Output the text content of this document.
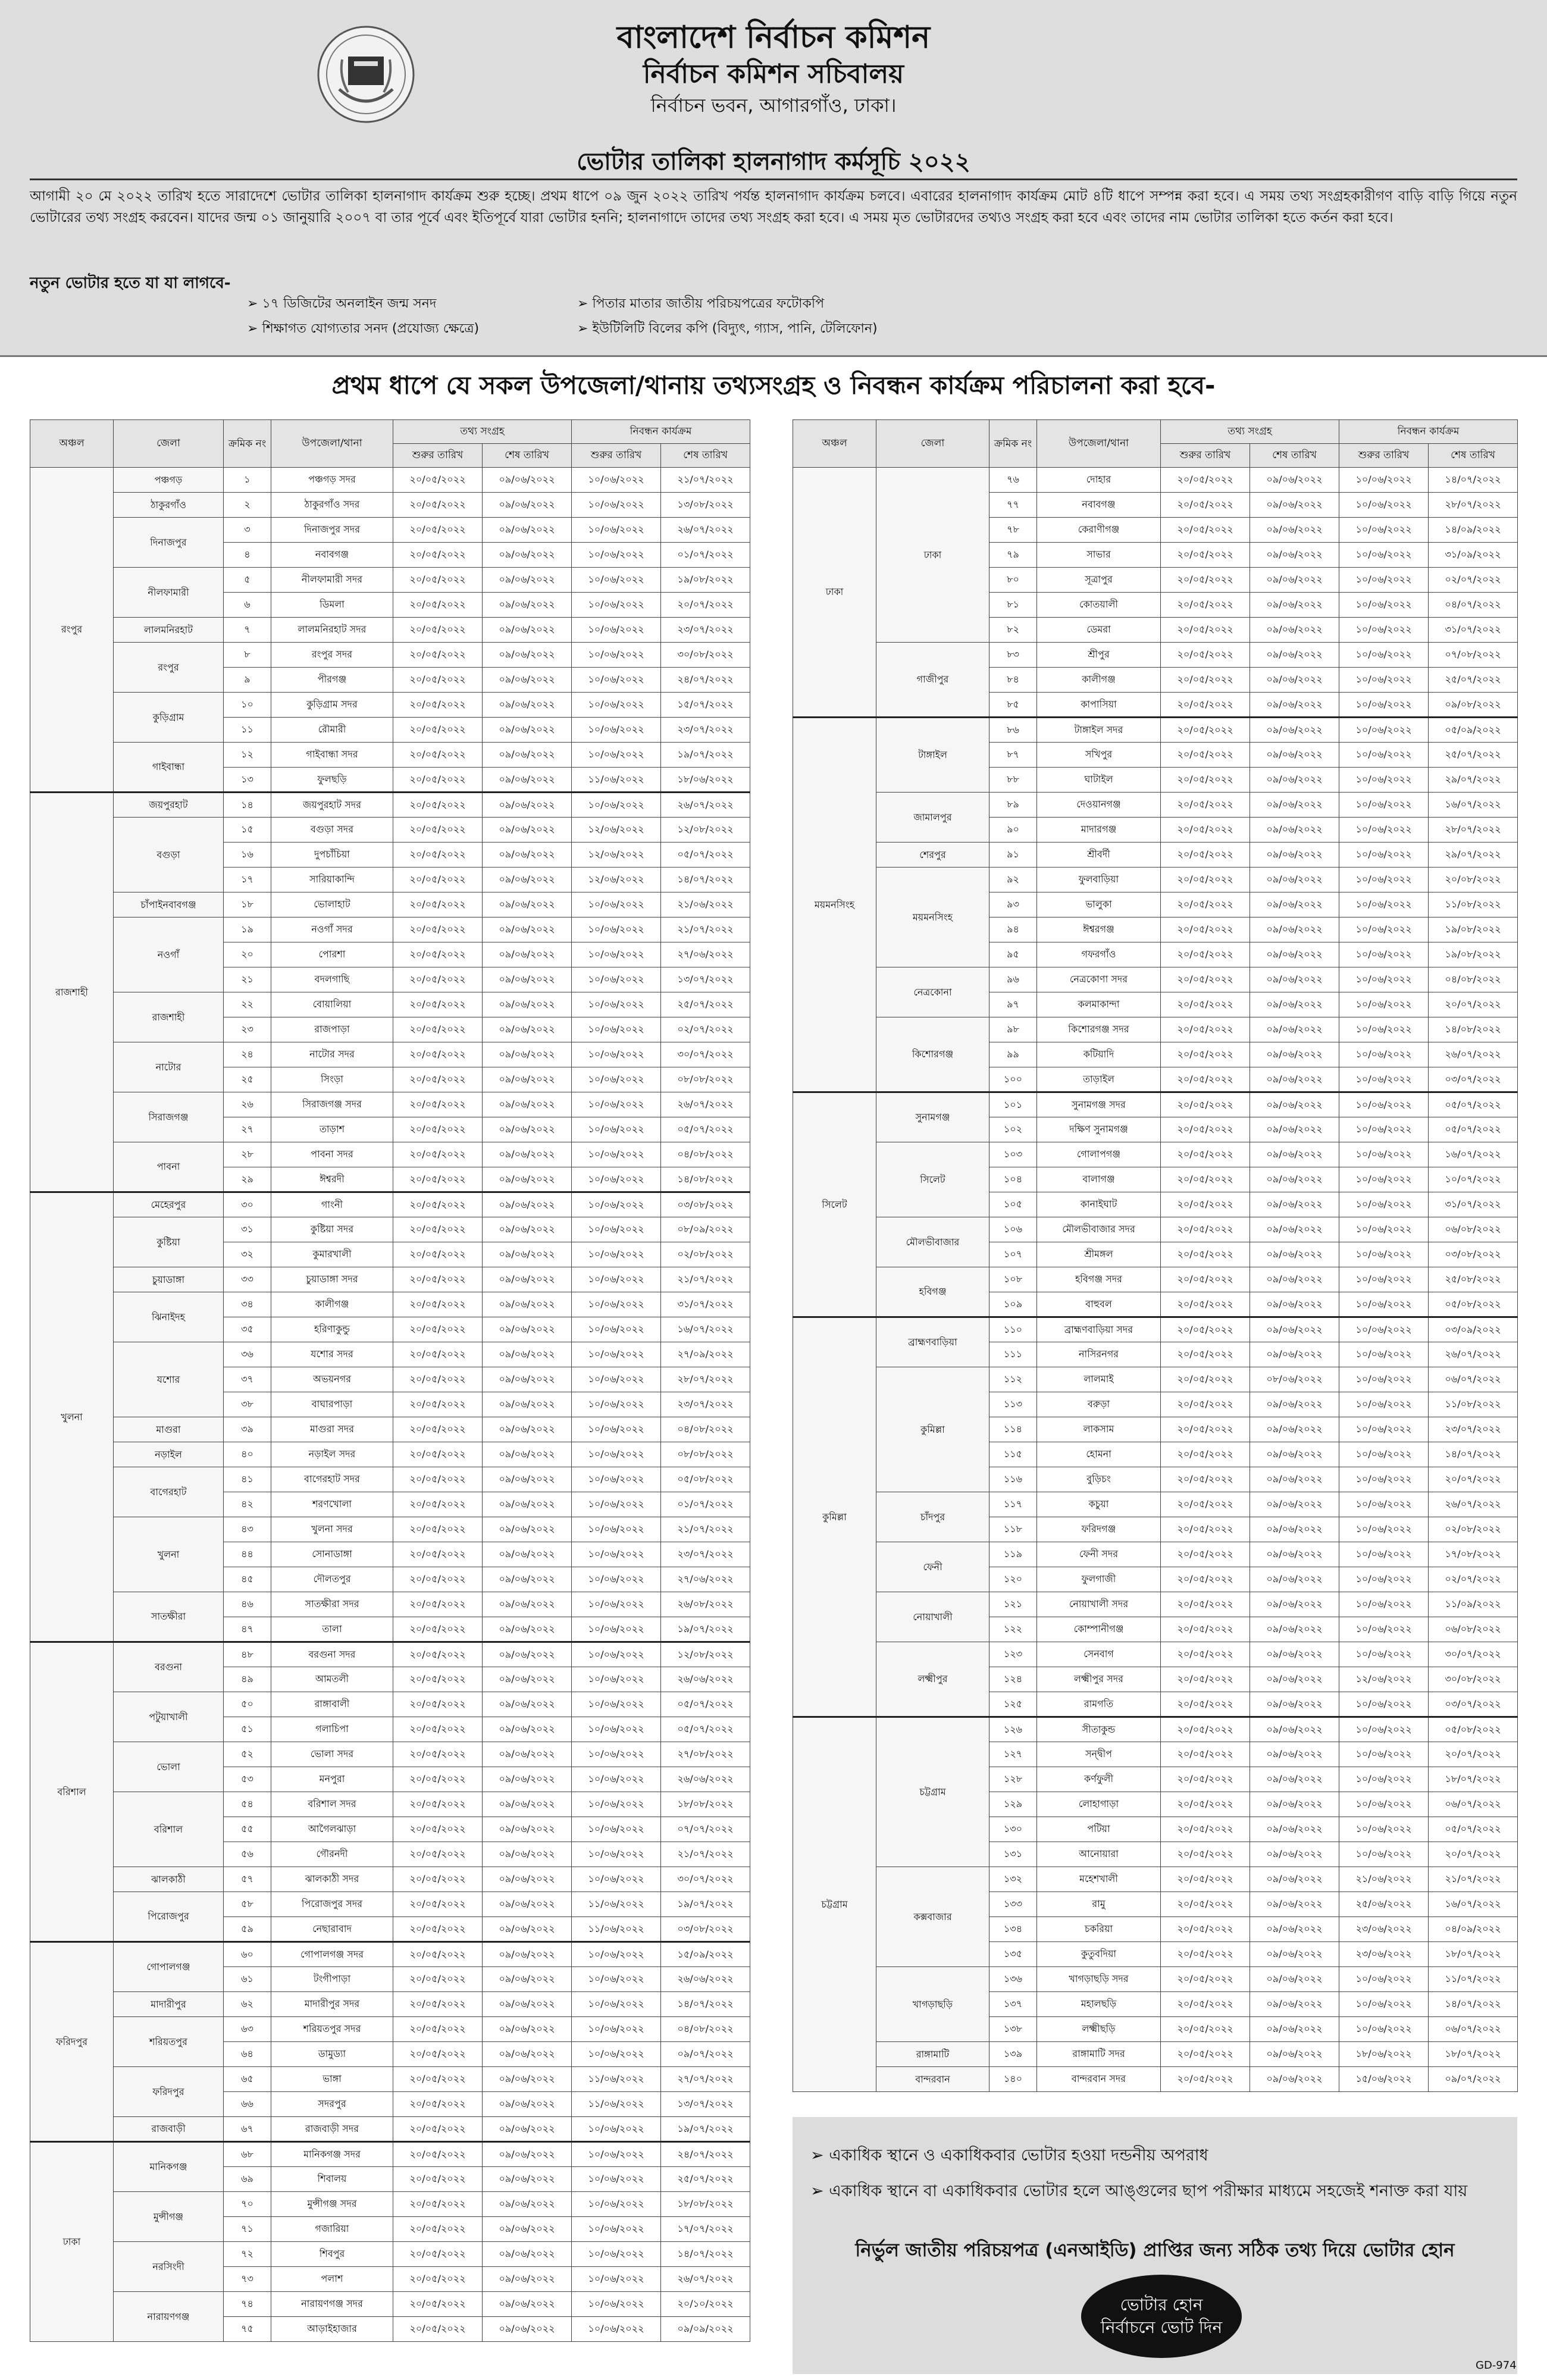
বাংলাদেশ নির্বাচন কমিশন
নির্বাচন কমিশন সচিবালয়
নির্বাচন ভবন, আগারগাঁও, ঢাকা।
ভোটার তালিকা হালনাগাদ কর্মসূচি ২০২২
আগামী ২০ মে ২০২২ তারিখ হতে সারাদেশে ভোটার তালিকা হালনাগাদ কার্যক্রম শুরু হচ্ছে। প্রথম ধাপে ০৯ জুন ২০২২ তারিখ পর্যন্ত হালনাগাদ কার্যক্রম চলবে। এবারের হালনাগাদ কার্যক্রম মোট ৪টি ধাপে সম্পন্ন করা হবে। এ সময় তথ্য সংগ্রহকারীগণ বাড়ি বাড়ি গিয়ে নতুন ভোটারের তথ্য সংগ্রহ করবেন। যাদের জন্ম ০১ জানুয়ারি ২০০৭ বা তার পূর্বে এবং ইতিপূর্বে যারা ভোটার হননি; হালনাগাদে তাদের তথ্য সংগ্রহ করা হবে। এ সময় মৃত ভোটারদের তথ্যও সংগ্রহ করা হবে এবং তাদের নাম ভোটার তালিকা হতে কর্তন করা হবে।
নতুন ভোটার হতে যা যা লাগবে-
➢ ১৭ ডিজিটের অনলাইন জন্ম সনদ	➢ পিতার মাতার জাতীয় পরিচয়পত্রের ফটোকপি
➢ শিক্ষাগত যোগ্যতার সনদ (প্রযোজ্য ক্ষেত্রে)	➢ ইউটিলিটি বিলের কপি (বিদ্যুৎ, গ্যাস, পানি, টেলিফোন)
প্রথম ধাপে যে সকল উপজেলা/থানায় তথ্যসংগ্রহ ও নিবন্ধন কার্যক্রম পরিচালনা করা হবে-
অঞ্চল	জেলা	ক্রমিক নং	উপজেলা/থানা	তথ্য সংগ্রহ		নিবন্ধন কার্যক্রম	
				শুরুর তারিখ	শেষ তারিখ	শুরুর তারিখ	শেষ তারিখ
রংপুর	পঞ্চগড়	১	পঞ্চগড় সদর	২০/০৫/২০২২	০৯/০৬/২০২২	১০/০৬/২০২২	২১/০৭/২০২২
	ঠাকুরগাঁও	২	ঠাকুরগাঁও সদর	২০/০৫/২০২২	০৯/০৬/২০২২	১০/০৬/২০২২	১৩/০৮/২০২২
	দিনাজপুর	৩	দিনাজপুর সদর	২০/০৫/২০২২	০৯/০৬/২০২২	১০/০৬/২০২২	২৬/০৭/২০২২
		৪	নবাবগঞ্জ	২০/০৫/২০২২	০৯/০৬/২০২২	১০/০৬/২০২২	০১/০৭/২০২২
	নীলফামারী	৫	নীলফামারী সদর	২০/০৫/২০২২	০৯/০৬/২০২২	১০/০৬/২০২২	১৯/০৮/২০২২
		৬	ডিমলা	২০/০৫/২০২২	০৯/০৬/২০২২	১০/০৬/২০২২	২০/০৭/২০২২
	লালমনিরহাট	৭	লালমনিরহাট সদর	২০/০৫/২০২২	০৯/০৬/২০২২	১০/০৬/২০২২	২৩/০৭/২০২২
	রংপুর	৮	রংপুর সদর	২০/০৫/২০২২	০৯/০৬/২০২২	১০/০৬/২০২২	৩০/০৮/২০২২
		৯	পীরগঞ্জ	২০/০৫/২০২২	০৯/০৬/২০২২	১০/০৬/২০২২	২৪/০৭/২০২২
	কুড়িগ্রাম	১০	কুড়িগ্রাম সদর	২০/০৫/২০২২	০৯/০৬/২০২২	১০/০৬/২০২২	১৫/০৭/২০২২
		১১	রৌমারী	২০/০৫/২০২২	০৯/০৬/২০২২	১০/০৬/২০২২	২৩/০৭/২০২২
	গাইবান্ধা	১২	গাইবান্ধা সদর	২০/০৫/২০২২	০৯/০৬/২০২২	১০/০৬/২০২২	১৯/০৭/২০২২
		১৩	ফুলছড়ি	২০/০৫/২০২২	০৯/০৬/২০২২	১১/০৬/২০২২	১৮/০৬/২০২২
রাজশাহী	জয়পুরহাট	১৪	জয়পুরহাট সদর	২০/০৫/২০২২	০৯/০৬/২০২২	১০/০৬/২০২২	২৬/০৭/২০২২
	বগুড়া	১৫	বগুড়া সদর	২০/০৫/২০২২	০৯/০৬/২০২২	১২/০৬/২০২২	১২/০৮/২০২২
		১৬	দুপচাঁচিয়া	২০/০৫/২০২২	০৯/০৬/২০২২	১২/০৬/২০২২	০৫/০৭/২০২২
		১৭	সারিয়াকান্দি	২০/০৫/২০২২	০৯/০৬/২০২২	১২/০৬/২০২২	১৪/০৭/২০২২
	চাঁপাইনবাবগঞ্জ	১৮	ভোলাহাট	২০/০৫/২০২২	০৯/০৬/২০২২	১০/০৬/২০২২	২১/০৬/২০২২
	নওগাঁ	১৯	নওগাঁ সদর	২০/০৫/২০২২	০৯/০৬/২০২২	১০/০৬/২০২২	২১/০৭/২০২২
		২০	পোরশা	২০/০৫/২০২২	০৯/০৬/২০২২	১০/০৬/২০২২	২৭/০৬/২০২২
		২১	বদলগাছি	২০/০৫/২০২২	০৯/০৬/২০২২	১০/০৬/২০২২	১৩/০৭/২০২২
	রাজশাহী	২২	বোয়ালিয়া	২০/০৫/২০২২	০৯/০৬/২০২২	১০/০৬/২০২২	২৫/০৭/২০২২
		২৩	রাজপাড়া	২০/০৫/২০২২	০৯/০৬/২০২২	১০/০৬/২০২২	০২/০৭/২০২২
	নাটোর	২৪	নাটোর সদর	২০/০৫/২০২২	০৯/০৬/২০২২	১০/০৬/২০২২	৩০/০৭/২০২২
		২৫	সিংড়া	২০/০৫/২০২২	০৯/০৬/২০২২	১০/০৬/২০২২	০৮/০৮/২০২২
	সিরাজগঞ্জ	২৬	সিরাজগঞ্জ সদর	২০/০৫/২০২২	০৯/০৬/২০২২	১০/০৬/২০২২	২৬/০৭/২০২২
		২৭	তাড়াশ	২০/০৫/২০২২	০৯/০৬/২০২২	১০/০৬/২০২২	০৫/০৭/২০২২
	পাবনা	২৮	পাবনা সদর	২০/০৫/২০২২	০৯/০৬/২০২২	১০/০৬/২০২২	০৪/০৮/২০২২
		২৯	ঈশ্বরদী	২০/০৫/২০২২	০৯/০৬/২০২২	১০/০৬/২০২২	১৪/০৮/২০২২
খুলনা	মেহেরপুর	৩০	গাংনী	২০/০৫/২০২২	০৯/০৬/২০২২	১০/০৬/২০২২	০৩/০৮/২০২২
	কুষ্টিয়া	৩১	কুষ্টিয়া সদর	২০/০৫/২০২২	০৯/০৬/২০২২	১০/০৬/২০২২	০৮/০৯/২০২২
		৩২	কুমারখালী	২০/০৫/২০২২	০৯/০৬/২০২২	১০/০৬/২০২২	০২/০৮/২০২২
	চুয়াডাঙ্গা	৩৩	চুয়াডাঙ্গা সদর	২০/০৫/২০২২	০৯/০৬/২০২২	১০/০৬/২০২২	২১/০৭/২০২২
	ঝিনাইদহ	৩৪	কালীগঞ্জ	২০/০৫/২০২২	০৯/০৬/২০২২	১০/০৬/২০২২	৩১/০৭/২০২২
		৩৫	হরিণাকুন্ডু	২০/০৫/২০২২	০৯/০৬/২০২২	১০/০৬/২০২২	১৬/০৭/২০২২
	যশোর	৩৬	যশোর সদর	২০/০৫/২০২২	০৯/০৬/২০২২	১০/০৬/২০২২	২৭/০৯/২০২২
		৩৭	অভয়নগর	২০/০৫/২০২২	০৯/০৬/২০২২	১০/০৬/২০২২	২৮/০৭/২০২২
		৩৮	বাঘারপাড়া	২০/০৫/২০২২	০৯/০৬/২০২২	১০/০৬/২০২২	২৩/০৭/২০২২
	মাগুরা	৩৯	মাগুরা সদর	২০/০৫/২০২২	০৯/০৬/২০২২	১০/০৬/২০২২	০৪/০৮/২০২২
	নড়াইল	৪০	নড়াইল সদর	২০/০৫/২০২২	০৯/০৬/২০২২	১০/০৬/২০২২	০৮/০৮/২০২২
	বাগেরহাট	৪১	বাগেরহাট সদর	২০/০৫/২০২২	০৯/০৬/২০২২	১০/০৬/২০২২	০৫/০৮/২০২২
		৪২	শরণখোলা	২০/০৫/২০২২	০৯/০৬/২০২২	১০/০৬/২০২২	০১/০৭/২০২২
	খুলনা	৪৩	খুলনা সদর	২০/০৫/২০২২	০৯/০৬/২০২২	১০/০৬/২০২২	২১/০৭/২০২২
		৪৪	সোনাডাঙ্গা	২০/০৫/২০২২	০৯/০৬/২০২২	১০/০৬/২০২২	২৩/০৭/২০২২
		৪৫	দৌলতপুর	২০/০৫/২০২২	০৯/০৬/২০২২	১০/০৬/২০২২	২৭/০৬/২০২২
	সাতক্ষীরা	৪৬	সাতক্ষীরা সদর	২০/০৫/২০২২	০৯/০৬/২০২২	১০/০৬/২০২২	২৬/০৮/২০২২
		৪৭	তালা	২০/০৫/২০২২	০৯/০৬/২০২২	১০/০৬/২০২২	১৯/০৭/২০২২
বরিশাল	বরগুনা	৪৮	বরগুনা সদর	২০/০৫/২০২২	০৯/০৬/২০২২	১০/০৬/২০২২	১২/০৮/২০২২
		৪৯	আমতলী	২০/০৫/২০২২	০৯/০৬/২০২২	১০/০৬/২০২২	২৬/০৬/২০২২
	পটুয়াখালী	৫০	রাঙ্গাবালী	২০/০৫/২০২২	০৯/০৬/২০২২	১০/০৬/২০২২	০৫/০৭/২০২২
		৫১	গলাচিপা	২০/০৫/২০২২	০৯/০৬/২০২২	১০/০৬/২০২২	০৫/০৭/২০২২
	ভোলা	৫২	ভোলা সদর	২০/০৫/২০২২	০৯/০৬/২০২২	১০/০৬/২০২২	২৭/০৮/২০২২
		৫৩	মনপুরা	২০/০৫/২০২২	০৯/০৬/২০২২	১০/০৬/২০২২	২৬/০৬/২০২২
	বরিশাল	৫৪	বরিশাল সদর	২০/০৫/২০২২	০৯/০৬/২০২২	১০/০৬/২০২২	১৮/০৮/২০২২
		৫৫	আগৈলঝাড়া	২০/০৫/২০২২	০৯/০৬/২০২২	১০/০৬/২০২২	০৭/০৭/২০২২
		৫৬	গৌরনদী	২০/০৫/২০২২	০৯/০৬/২০২২	১০/০৬/২০২২	২১/০৭/২০২২
	ঝালকাঠী	৫৭	ঝালকাঠী সদর	২০/০৫/২০২২	০৯/০৬/২০২২	১০/০৬/২০২২	৩০/০৭/২০২২
	পিরোজপুর	৫৮	পিরোজপুর সদর	২০/০৫/২০২২	০৯/০৬/২০২২	১১/০৬/২০২২	১৯/০৭/২০২২
		৫৯	নেছারাবাদ	২০/০৫/২০২২	০৯/০৬/২০২২	১১/০৬/২০২২	০৩/০৮/২০২২
ফরিদপুর	গোপালগঞ্জ	৬০	গোপালগঞ্জ সদর	২০/০৫/২০২২	০৯/০৬/২০২২	১০/০৬/২০২২	১৫/০৯/২০২২
		৬১	টংগীপাড়া	২০/০৫/২০২২	০৯/০৬/২০২২	১০/০৬/২০২২	২৬/০৬/২০২২
	মাদারীপুর	৬২	মাদারীপুর সদর	২০/০৫/২০২২	০৯/০৬/২০২২	১০/০৬/২০২২	১৪/০৭/২০২২
	শরিয়তপুর	৬৩	শরিয়তপুর সদর	২০/০৫/২০২২	০৯/০৬/২০২২	১০/০৬/২০২২	০৪/০৮/২০২২
		৬৪	ডামুড্যা	২০/০৫/২০২২	০৯/০৬/২০২২	১০/০৬/২০২২	০৯/০৭/২০২২
	ফরিদপুর	৬৫	ভাঙ্গা	২০/০৫/২০২২	০৯/০৬/২০২২	১১/০৬/২০২২	২৭/০৭/২০২২
		৬৬	সদরপুর	২০/০৫/২০২২	০৯/০৬/২০২২	১১/০৬/২০২২	১৩/০৭/২০২২
	রাজবাড়ী	৬৭	রাজবাড়ী সদর	২০/০৫/২০২২	০৯/০৬/২০২২	১০/০৬/২০২২	১৯/০৭/২০২২
ঢাকা	মানিকগঞ্জ	৬৮	মানিকগঞ্জ সদর	২০/০৫/২০২২	০৯/০৬/২০২২	১০/০৬/২০২২	২৪/০৭/২০২২
		৬৯	শিবালয়	২০/০৫/২০২২	০৯/০৬/২০২২	১০/০৬/২০২২	২৫/০৭/২০২২
	মুন্সীগঞ্জ	৭০	মুন্সীগঞ্জ সদর	২০/০৫/২০২২	০৯/০৬/২০২২	১০/০৬/২০২২	১৮/০৮/২০২২
		৭১	গজারিয়া	২০/০৫/২০২২	০৯/০৬/২০২২	১০/০৬/২০২২	১৭/০৭/২০২২
	নরসিংদী	৭২	শিবপুর	২০/০৫/২০২২	০৯/০৬/২০২২	১০/০৬/২০২২	১৪/০৭/২০২২
		৭৩	পলাশ	২০/০৫/২০২২	০৯/০৬/২০২২	১০/০৬/২০২২	২৬/০৭/২০২২
	নারায়ণগঞ্জ	৭৪	নারায়ণগঞ্জ সদর	২০/০৫/২০২২	০৯/০৬/২০২২	১০/০৬/২০২২	২০/১০/২০২২
		৭৫	আড়াইহাজার	২০/০৫/২০২২	০৯/০৬/২০২২	১০/০৬/২০২২	০৯/০৯/২০২২
অঞ্চল	জেলা	ক্রমিক নং	উপজেলা/থানা	তথ্য সংগ্রহ		নিবন্ধন কার্যক্রম	
				শুরুর তারিখ	শেষ তারিখ	শুরুর তারিখ	শেষ তারিখ
ঢাকা	ঢাকা	৭৬	দোহার	২০/০৫/২০২২	০৯/০৬/২০২২	১০/০৬/২০২২	১৪/০৭/২০২২
		৭৭	নবাবগঞ্জ	২০/০৫/২০২২	০৯/০৬/২০২২	১০/০৬/২০২২	২৮/০৭/২০২২
		৭৮	কেরাণীগঞ্জ	২০/০৫/২০২২	০৯/০৬/২০২২	১০/০৬/২০২২	১৪/০৯/২০২২
		৭৯	সাভার	২০/০৫/২০২২	০৯/০৬/২০২২	১০/০৬/২০২২	৩১/০৯/২০২২
		৮০	সূত্রাপুর	২০/০৫/২০২২	০৯/০৬/২০২২	১০/০৬/২০২২	০২/০৭/২০২২
		৮১	কোতয়ালী	২০/০৫/২০২২	০৯/০৬/২০২২	১০/০৬/২০২২	০৪/০৭/২০২২
		৮২	ডেমরা	২০/০৫/২০২২	০৯/০৬/২০২২	১০/০৬/২০২২	৩১/০৭/২০২২
	গাজীপুর	৮৩	শ্রীপুর	২০/০৫/২০২২	০৯/০৬/২০২২	১০/০৬/২০২২	০৭/০৮/২০২২
		৮৪	কালীগঞ্জ	২০/০৫/২০২২	০৯/০৬/২০২২	১০/০৬/২০২২	২৫/০৭/২০২২
		৮৫	কাপাসিয়া	২০/০৫/২০২২	০৯/০৬/২০২২	১০/০৬/২০২২	০৯/০৮/২০২২
ময়মনসিংহ	টাঙ্গাইল	৮৬	টাঙ্গাইল সদর	২০/০৫/২০২২	০৯/০৬/২০২২	১০/০৬/২০২২	০৫/০৯/২০২২
		৮৭	সখিপুর	২০/০৫/২০২২	০৯/০৬/২০২২	১০/০৬/২০২২	২৫/০৭/২০২২
		৮৮	ঘাটাইল	২০/০৫/২০২২	০৯/০৬/২০২২	১০/০৬/২০২২	২৯/০৭/২০২২
	জামালপুর	৮৯	দেওয়ানগঞ্জ	২০/০৫/২০২২	০৯/০৬/২০২২	১০/০৬/২০২২	১৬/০৭/২০২২
		৯০	মাদারগঞ্জ	২০/০৫/২০২২	০৯/০৬/২০২২	১০/০৬/২০২২	২৮/০৭/২০২২
	শেরপুর	৯১	শ্রীবর্দী	২০/০৫/২০২২	০৯/০৬/২০২২	১০/০৬/২০২২	২৯/০৭/২০২২
	ময়মনসিংহ	৯২	ফুলবাড়িয়া	২০/০৫/২০২২	০৯/০৬/২০২২	১০/০৬/২০২২	২০/০৮/২০২২
		৯৩	ভালুকা	২০/০৫/২০২২	০৯/০৬/২০২২	১০/০৬/২০২২	১১/০৮/২০২২
		৯৪	ঈশ্বরগঞ্জ	২০/০৫/২০২২	০৯/০৬/২০২২	১০/০৬/২০২২	১৯/০৮/২০২২
		৯৫	গফরগাঁও	২০/০৫/২০২২	০৯/০৬/২০২২	১০/০৬/২০২২	১৯/০৮/২০২২
	নেত্রকোনা	৯৬	নেত্রকোণা সদর	২০/০৫/২০২২	০৯/০৬/২০২২	১০/০৬/২০২২	০৪/০৮/২০২২
		৯৭	কলমাকান্দা	২০/০৫/২০২২	০৯/০৬/২০২২	১০/০৬/২০২২	২০/০৭/২০২২
	কিশোরগঞ্জ	৯৮	কিশোরগঞ্জ সদর	২০/০৫/২০২২	০৯/০৬/২০২২	১০/০৬/২০২২	১৪/০৮/২০২২
		৯৯	কটিয়াদি	২০/০৫/২০২২	০৯/০৬/২০২২	১০/০৬/২০২২	২৬/০৭/২০২২
		১০০	তাড়াইল	২০/০৫/২০২২	০৯/০৬/২০২২	১০/০৬/২০২২	০৩/০৭/২০২২
সিলেট	সুনামগঞ্জ	১০১	সুনামগঞ্জ সদর	২০/০৫/২০২২	০৯/০৬/২০২২	১০/০৬/২০২২	০৫/০৭/২০২২
		১০২	দক্ষিণ সুনামগঞ্জ	২০/০৫/২০২২	০৯/০৬/২০২২	১০/০৬/২০২২	০৫/০৭/২০২২
	সিলেট	১০৩	গোলাপগঞ্জ	২০/০৫/২০২২	০৯/০৬/২০২২	১০/০৬/২০২২	১৬/০৭/২০২২
		১০৪	বালাগঞ্জ	২০/০৫/২০২২	০৯/০৬/২০২২	১০/০৬/২০২২	১০/০৭/২০২২
		১০৫	কানাইঘাট	২০/০৫/২০২২	০৯/০৬/২০২২	১০/০৬/২০২২	৩১/০৭/২০২২
	মৌলভীবাজার	১০৬	মৌলভীবাজার সদর	২০/০৫/২০২২	০৯/০৬/২০২২	১০/০৬/২০২২	০৬/০৮/২০২২
		১০৭	শ্রীমঙ্গল	২০/০৫/২০২২	০৯/০৬/২০২২	১০/০৬/২০২২	০৩/০৮/২০২২
	হবিগঞ্জ	১০৮	হবিগঞ্জ সদর	২০/০৫/২০২২	০৯/০৬/২০২২	১০/০৬/২০২২	২৫/০৮/২০২২
		১০৯	বাহুবল	২০/০৫/২০২২	০৯/০৬/২০২২	১০/০৬/২০২২	০৫/০৮/২০২২
কুমিল্লা	ব্রাহ্মণবাড়িয়া	১১০	ব্রাহ্মণবাড়িয়া সদর	২০/০৫/২০২২	০৯/০৬/২০২২	১০/০৬/২০২২	০৩/০৯/২০২২
		১১১	নাসিরনগর	২০/০৫/২০২২	০৯/০৬/২০২২	১০/০৬/২০২২	২৬/০৭/২০২২
	কুমিল্লা	১১২	লালমাই	২০/০৫/২০২২	০৮/০৬/২০২২	১০/০৬/২০২২	০৬/০৭/২০২২
		১১৩	বরুড়া	২০/০৫/২০২২	০৯/০৬/২০২২	১০/০৬/২০২২	১১/০৮/২০২২
		১১৪	লাকসাম	২০/০৫/২০২২	০৯/০৬/২০২২	১০/০৬/২০২২	২৩/০৭/২০২২
		১১৫	হোমনা	২০/০৫/২০২২	০৯/০৬/২০২২	১০/০৬/২০২২	১৪/০৭/২০২২
		১১৬	বুড়িচং	২০/০৫/২০২২	০৯/০৬/২০২২	১০/০৬/২০২২	২০/০৭/২০২২
	চাঁদপুর	১১৭	কচুয়া	২০/০৫/২০২২	০৯/০৬/২০২২	১০/০৬/২০২২	২৬/০৭/২০২২
		১১৮	ফরিদগঞ্জ	২০/০৫/২০২২	০৯/০৬/২০২২	১০/০৬/২০২২	০২/০৮/২০২২
	ফেনী	১১৯	ফেনী সদর	২০/০৫/২০২২	০৯/০৬/২০২২	১০/০৬/২০২২	১৭/০৮/২০২২
		১২০	ফুলগাজী	২০/০৫/২০২২	০৯/০৬/২০২২	১০/০৬/২০২২	০২/০৭/২০২২
	নোয়াখালী	১২১	নোয়াখালী সদর	২০/০৫/২০২২	০৯/০৬/২০২২	১০/০৬/২০২২	১১/০৯/২০২২
		১২২	কোম্পানীগঞ্জ	২০/০৫/২০২২	০৯/০৬/২০২২	১০/০৬/২০২২	০৬/০৮/২০২২
	লক্ষ্মীপুর	১২৩	সেনবাগ	২০/০৫/২০২২	০৯/০৬/২০২২	১০/০৬/২০২২	৩০/০৭/২০২২
		১২৪	লক্ষ্মীপুর সদর	২০/০৫/২০২২	০৯/০৬/২০২২	১২/০৬/২০২২	৩০/০৮/২০২২
		১২৫	রামগতি	২০/০৫/২০২২	০৯/০৬/২০২২	১০/০৬/২০২২	০৩/০৭/২০২২
চট্টগ্রাম	চট্টগ্রাম	১২৬	সীতাকুন্ড	২০/০৫/২০২২	০৯/০৬/২০২২	১০/০৬/২০২২	০৫/০৮/২০২২
		১২৭	সন্দ্বীপ	২০/০৫/২০২২	০৯/০৬/২০২২	১০/০৬/২০২২	২০/০৭/২০২২
		১২৮	কর্ণফুলী	২০/০৫/২০২২	০৯/০৬/২০২২	১০/০৬/২০২২	১৮/০৭/২০২২
		১২৯	লোহাগাড়া	২০/০৫/২০২২	০৯/০৬/২০২২	১০/০৬/২০২২	০৬/০৭/২০২২
		১৩০	পটিয়া	২০/০৫/২০২২	০৯/০৬/২০২২	১০/০৬/২০২২	০৫/০৭/২০২২
		১৩১	আনোয়ারা	২০/০৫/২০২২	০৯/০৬/২০২২	১০/০৬/২০২২	২০/০৭/২০২২
	কক্সবাজার	১৩২	মহেশখালী	২০/০৫/২০২২	০৯/০৬/২০২২	২১/০৬/২০২২	২১/০৭/২০২২
		১৩৩	রামু	২০/০৫/২০২২	০৯/০৬/২০২২	২৫/০৬/২০২২	১৬/০৭/২০২২
		১৩৪	চকরিয়া	২০/০৫/২০২২	০৯/০৬/২০২২	২৩/০৬/২০২২	০৪/০৯/২০২২
		১৩৫	কুতুবদিয়া	২০/০৫/২০২২	০৯/০৬/২০২২	২৩/০৬/২০২২	১৮/০৭/২০২২
	খাগড়াছড়ি	১৩৬	খাগড়াছড়ি সদর	২০/০৫/২০২২	০৯/০৬/২০২২	১০/০৬/২০২২	১১/০৭/২০২২
		১৩৭	মহালছড়ি	২০/০৫/২০২২	০৯/০৬/২০২২	১০/০৬/২০২২	১৪/০৭/২০২২
		১৩৮	লক্ষ্মীছড়ি	২০/০৫/২০২২	০৯/০৬/২০২২	১০/০৬/২০২২	০৬/০৭/২০২২
	রাঙ্গামাটি	১৩৯	রাঙ্গামাটি সদর	২০/০৫/২০২২	০৯/০৬/২০২২	১৮/০৬/২০২২	১৮/০৭/২০২২
	বান্দরবান	১৪০	বান্দরবান সদর	২০/০৫/২০২২	০৯/০৬/২০২২	১৫/০৬/২০২২	০৯/০৭/২০২২
➢ একাধিক স্থানে ও একাধিকবার ভোটার হওয়া দন্ডনীয় অপরাধ
➢ একাধিক স্থানে বা একাধিকবার ভোটার হলে আঙ্গুলের ছাপ পরীক্ষার মাধ্যমে সহজেই শনাক্ত করা যায়
নির্ভুল জাতীয় পরিচয়পত্র (এনআইডি) প্রাপ্তির জন্য সঠিক তথ্য দিয়ে ভোটার হোন
ভোটার হোন
নির্বাচনে ভোট দিন
GD-974
